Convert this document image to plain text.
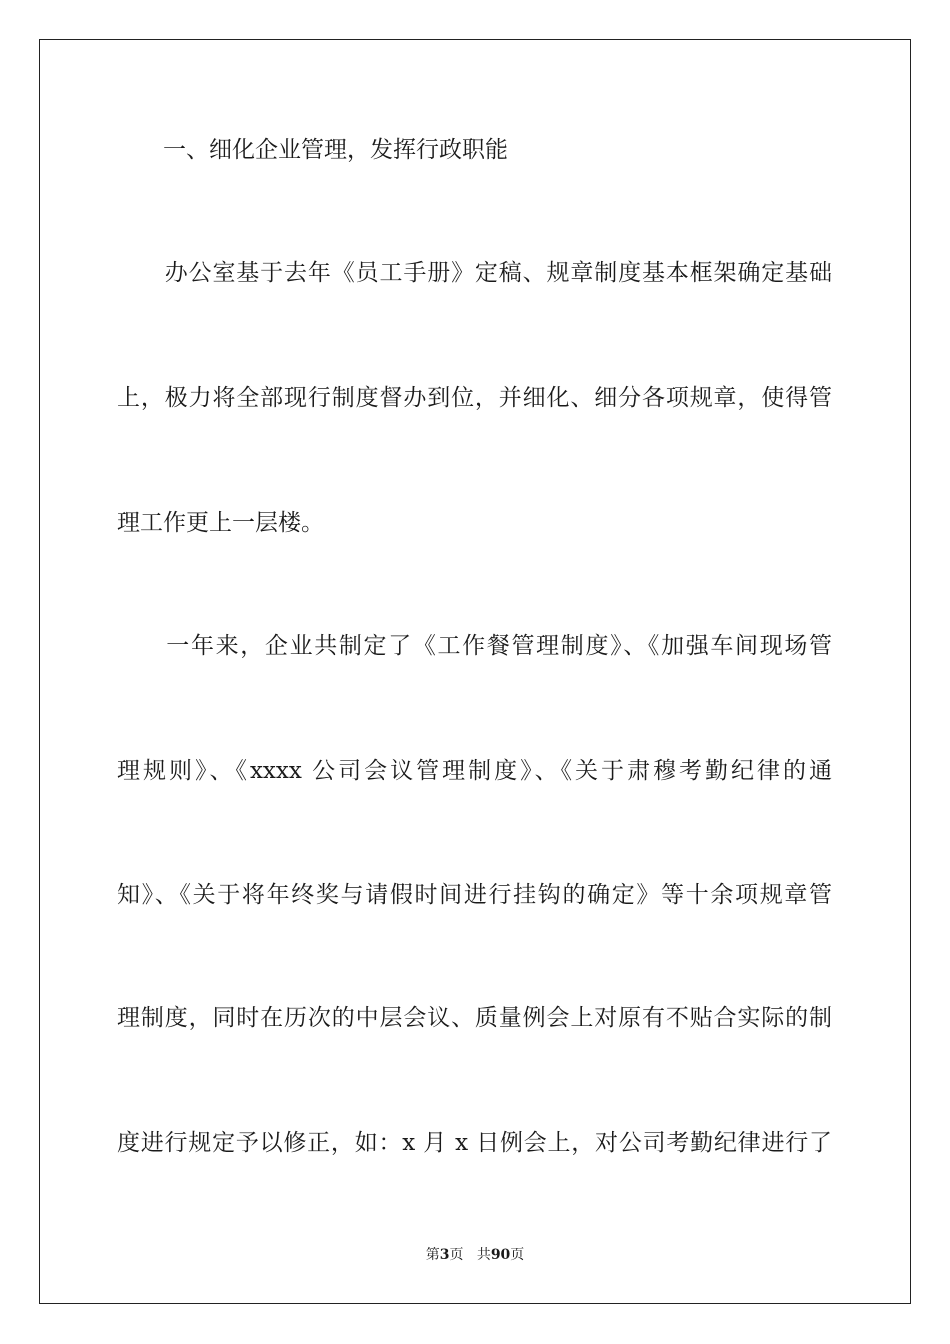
　　一、细化企业管理，发挥行政职能
　　办公室基于去年《员工手册》定稿、规章制度基本框架确定基础
上，极力将全部现行制度督办到位，并细化、细分各项规章，使得管
理工作更上一层楼。
　　一年来，企业共制定了《工作餐管理制度》、《加强车间现场管
理规则》、《xxxx 公司会议管理制度》、《关于肃穆考勤纪律的通
知》、《关于将年终奖与请假时间进行挂钩的确定》等十余项规章管
理制度，同时在历次的中层会议、质量例会上对原有不贴合实际的制
度进行规定予以修正，如：x 月 x 日例会上，对公司考勤纪律进行了
第3页 共90页
